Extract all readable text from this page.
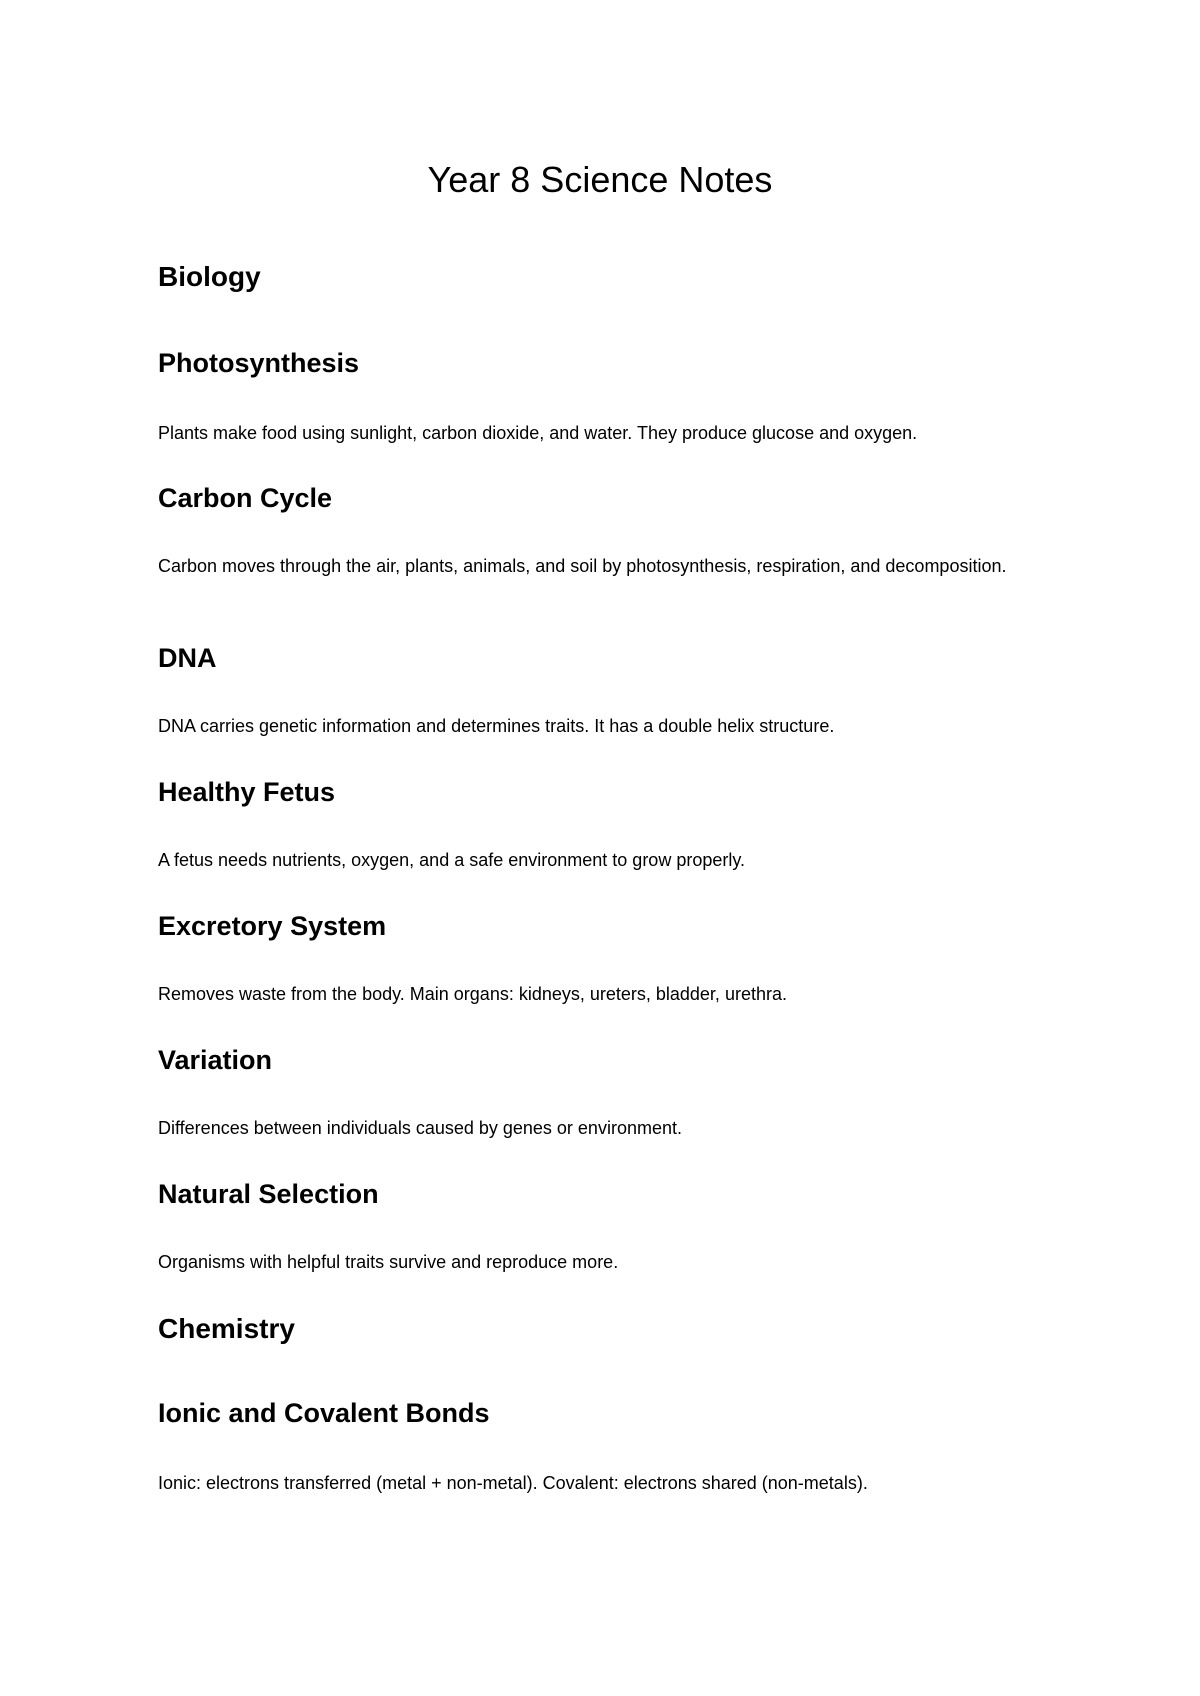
Year 8 Science Notes
Biology
Photosynthesis

Plants make food using sunlight, carbon dioxide, and water. They produce glucose and oxygen.

Carbon Cycle

Carbon moves through the air, plants, animals, and soil by photosynthesis, respiration, and decomposition.

DNA

DNA carries genetic information and determines traits. It has a double helix structure.

Healthy Fetus

A fetus needs nutrients, oxygen, and a safe environment to grow properly.

Excretory System

Removes waste from the body. Main organs: kidneys, ureters, bladder, urethra.

Variation

Differences between individuals caused by genes or environment.

Natural Selection

Organisms with helpful traits survive and reproduce more.

Chemistry
Ionic and Covalent Bonds

Ionic: electrons transferred (metal + non-metal). Covalent: electrons shared (non-metals).
